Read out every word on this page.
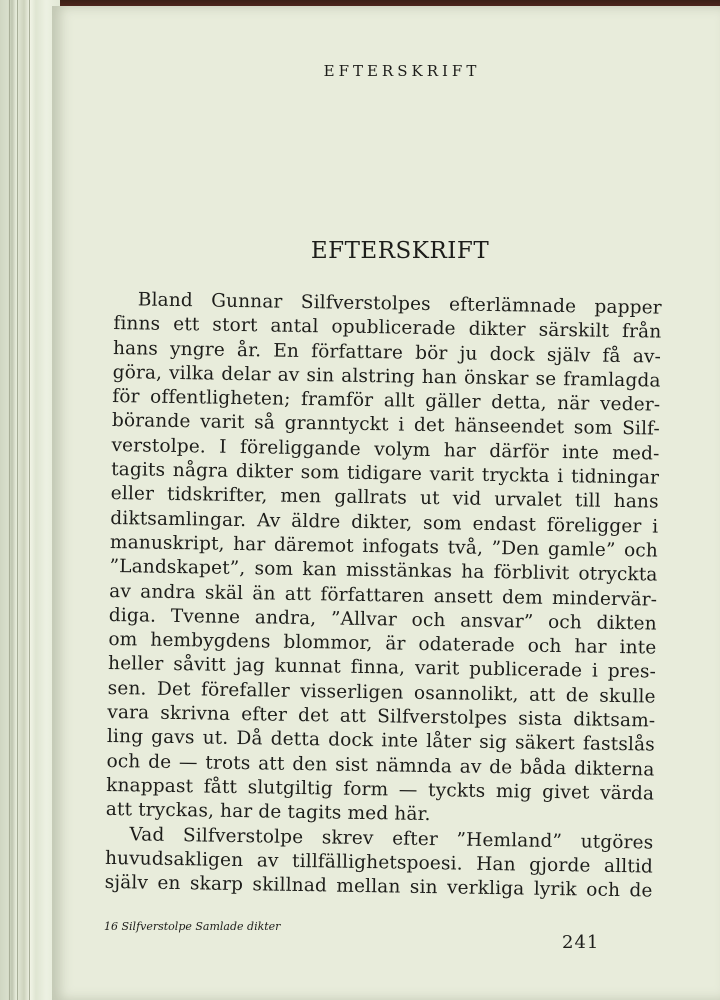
EFTERSKRIFT
EFTERSKRIFT
Bland Gunnar Silfverstolpes efterlämnade papper
finns ett stort antal opublicerade dikter särskilt från
hans yngre år. En författare bör ju dock själv få av-
göra, vilka delar av sin alstring han önskar se framlagda
för offentligheten; framför allt gäller detta, när veder-
börande varit så granntyckt i det hänseendet som Silf-
verstolpe. I föreliggande volym har därför inte med-
tagits några dikter som tidigare varit tryckta i tidningar
eller tidskrifter, men gallrats ut vid urvalet till hans
diktsamlingar. Av äldre dikter, som endast föreligger i
manuskript, har däremot infogats två, ”Den gamle” och
”Landskapet”, som kan misstänkas ha förblivit otryckta
av andra skäl än att författaren ansett dem mindervär-
diga. Tvenne andra, ”Allvar och ansvar” och dikten
om hembygdens blommor, är odaterade och har inte
heller såvitt jag kunnat finna, varit publicerade i pres-
sen. Det förefaller visserligen osannolikt, att de skulle
vara skrivna efter det att Silfverstolpes sista diktsam-
ling gavs ut. Då detta dock inte låter sig säkert fastslås
och de — trots att den sist nämnda av de båda dikterna
knappast fått slutgiltig form — tyckts mig givet värda
att tryckas, har de tagits med här.
Vad Silfverstolpe skrev efter ”Hemland” utgöres
huvudsakligen av tillfällighetspoesi. Han gjorde alltid
själv en skarp skillnad mellan sin verkliga lyrik och de
16 Silfverstolpe Samlade dikter
241
